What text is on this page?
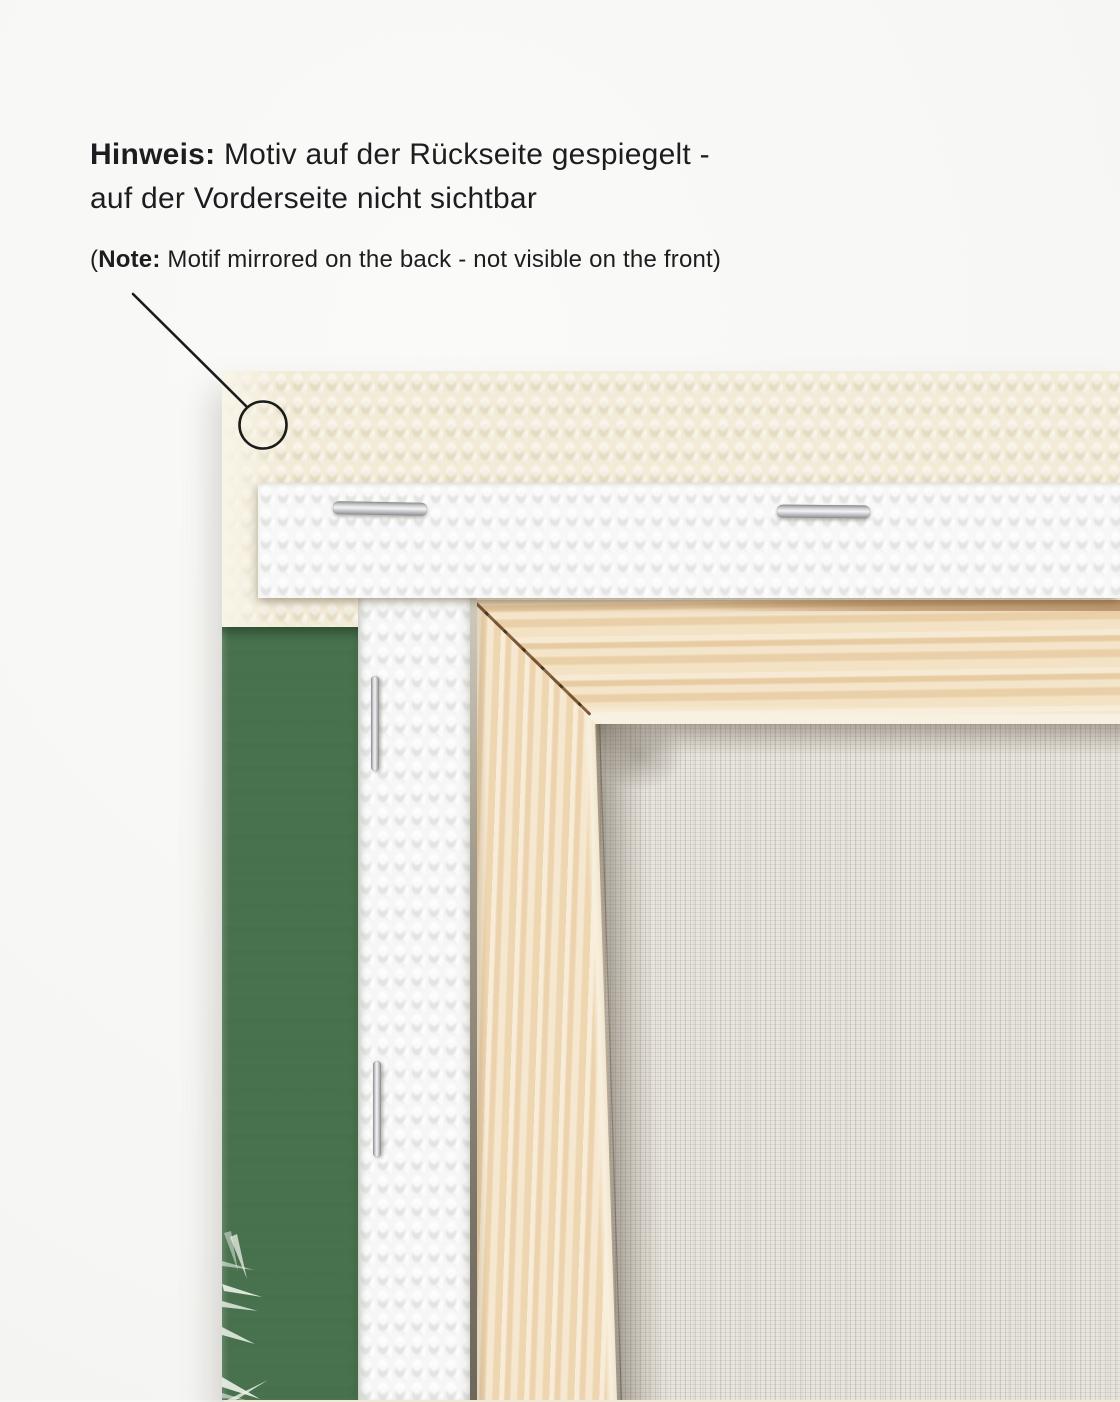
Hinweis: Motiv auf der Rückseite gespiegelt -
auf der Vorderseite nicht sichtbar
(Note: Motif mirrored on the back - not visible on the front)
